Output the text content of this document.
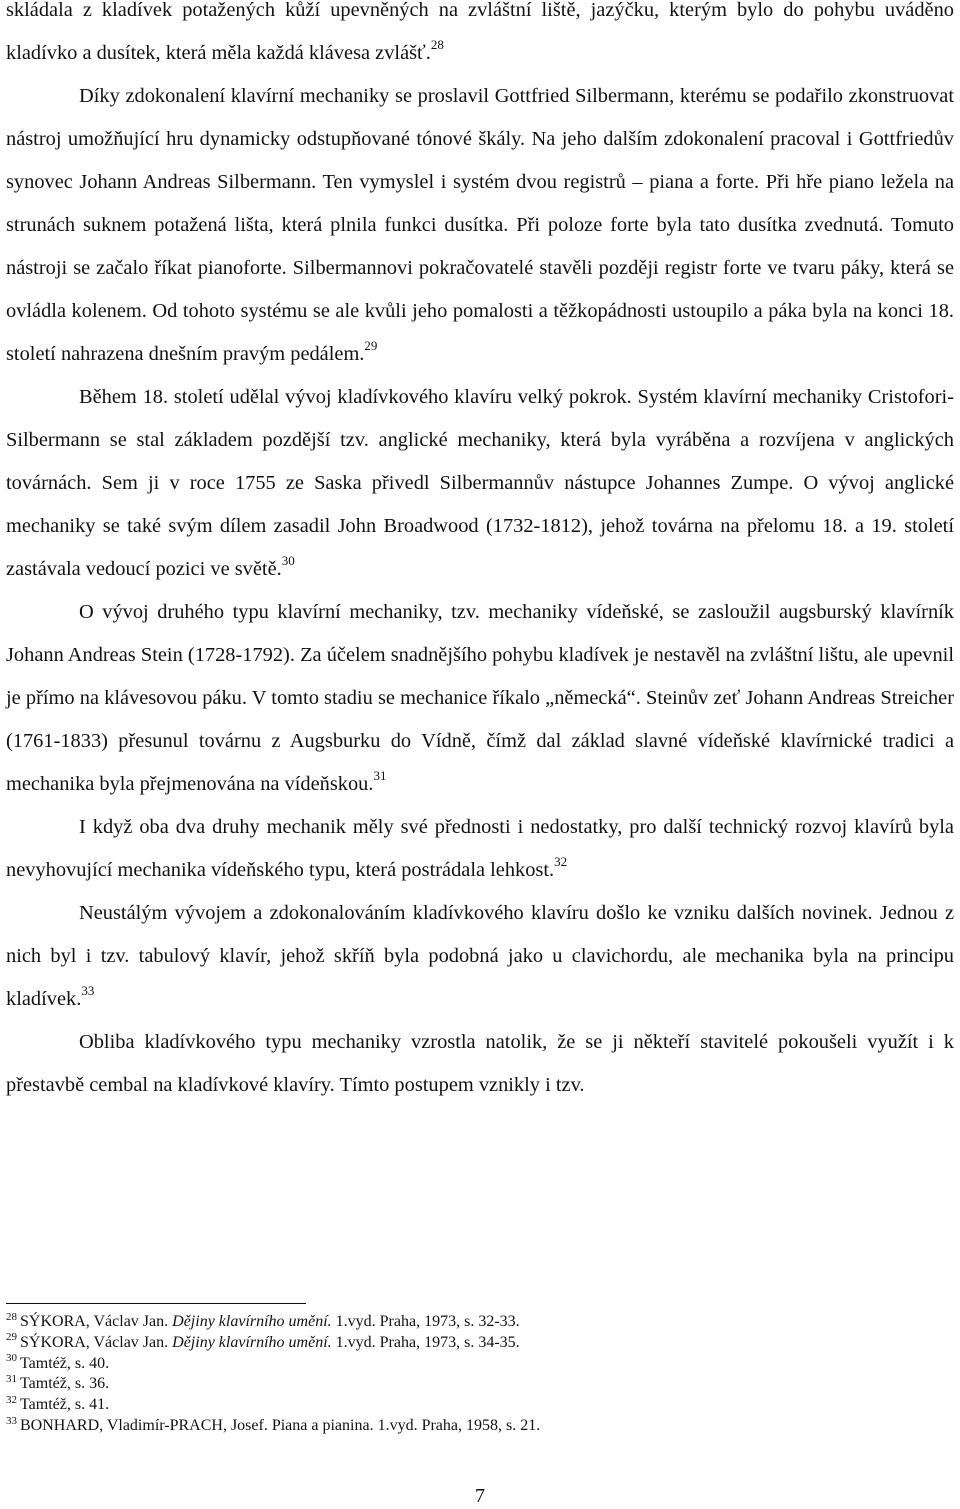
skládala z kladívek potažených kůží upevněných na zvláštní liště, jazýčku, kterým bylo do pohybu uváděno kladívko a dusítek, která měla každá klávesa zvlášť.$^{28}$

Díky zdokonalení klavírní mechaniky se proslavil Gottfried Silbermann, kterému se podařilo zkonstruovat nástroj umožňující hru dynamicky odstupňované tónové škály. Na jeho dalším zdokonalení pracoval i Gottfriedův synovec Johann Andreas Silbermann. Ten vymyslel i systém dvou registrů – piana a forte. Při hře piano ležela na strunách suknem potažená lišta, která plnila funkci dusítka. Při poloze forte byla tato dusítka zvednutá. Tomuto nástroji se začalo říkat pianoforte. Silbermannovi pokračovatelé stavěli později registr forte ve tvaru páky, která se ovládla kolenem. Od tohoto systému se ale kvůli jeho pomalosti a těžkopádnosti ustoupilo a páka byla na konci 18. století nahrazena dnešním pravým pedálem.$^{29}$

Během 18. století udělal vývoj kladívkového klavíru velký pokrok. Systém klavírní mechaniky Cristofori-Silbermann se stal základem pozdější tzv. anglické mechaniky, která byla vyráběna a rozvíjena v anglických továrnách. Sem ji v roce 1755 ze Saska přivedl Silbermannův nástupce Johannes Zumpe. O vývoj anglické mechaniky se také svým dílem zasadil John Broadwood (1732-1812), jehož továrna na přelomu 18. a 19. století zastávala vedoucí pozici ve světě.$^{30}$

O vývoj druhého typu klavírní mechaniky, tzv. mechaniky vídeňské, se zasloužil augsburský klavírník Johann Andreas Stein (1728-1792). Za účelem snadnějšího pohybu kladívek je nestavěl na zvláštní lištu, ale upevnil je přímo na klávesovou páku. V tomto stadiu se mechanice říkalo „německá“. Steinův zeť Johann Andreas Streicher (1761-1833) přesunul továrnu z Augsburku do Vídně, čímž dal základ slavné vídeňské klavírnické tradici a mechanika byla přejmenována na vídeňskou.$^{31}$

I když oba dva druhy mechanik měly své přednosti i nedostatky, pro další technický rozvoj klavírů byla nevyhovující mechanika vídeňského typu, která postrádala lehkost.$^{32}$

Neustálým vývojem a zdokonalováním kladívkového klavíru došlo ke vzniku dalších novinek. Jednou z nich byl i tzv. tabulový klavír, jehož skříň byla podobná jako u clavichordu, ale mechanika byla na principu kladívek.$^{33}$

Obliba kladívkového typu mechaniky vzrostla natolik, že se ji někteří stavitelé pokoušeli využít i k přestavbě cembal na kladívkové klavíry. Tímto postupem vznikly i tzv.

$^{28}$ SÝKORA, Václav Jan. Dějiny klavírního umění. 1.vyd. Praha, 1973, s. 32-33.

$^{29}$ SÝKORA, Václav Jan. Dějiny klavírního umění. 1.vyd. Praha, 1973, s. 34-35.

$^{30}$ Tamtéž, s. 40.

$^{31}$ Tamtéž, s. 36.

$^{32}$ Tamtéž, s. 41.

$^{33}$ BONHARD, Vladimír-PRACH, Josef. Piana a pianina. 1.vyd. Praha, 1958, s. 21.

7
